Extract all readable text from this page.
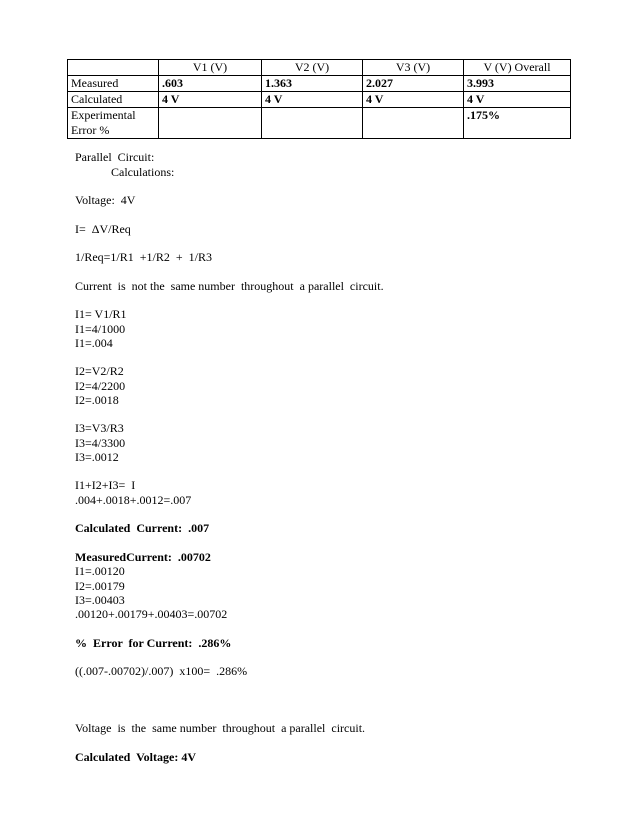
	V1 (V)	V2 (V)	V3 (V)	V (V) Overall
Measured	.603	1.363	2.027	3.993
Calculated	4 V	4 V	4 V	4 V
Experimental Error %				.175%

Parallel  Circuit:

Calculations:

Voltage:  4V

I=  ΔV/Req

1/Req=1/R1  +1/R2  +  1/R3

Current  is  not the  same number  throughout  a parallel  circuit.

I1= V1/R1

I1=4/1000

I1=.004

I2=V2/R2

I2=4/2200

I2=.0018

I3=V3/R3

I3=4/3300

I3=.0012

I1+I2+I3=  I

.004+.0018+.0012=.007

Calculated  Current:  .007

MeasuredCurrent:  .00702

I1=.00120

I2=.00179

I3=.00403

.00120+.00179+.00403=.00702

%  Error  for Current:  .286%

((.007-.00702)/.007)  x100=  .286%

Voltage  is  the  same number  throughout  a parallel  circuit.

Calculated  Voltage: 4V
